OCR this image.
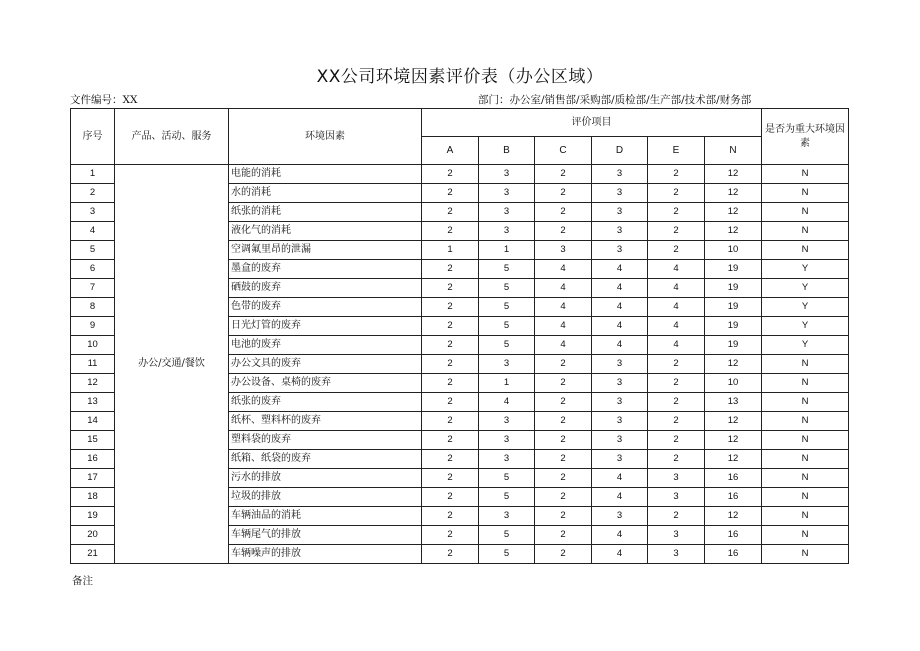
XX公司环境因素评价表（办公区域）
文件编号：XX	部门：办公室/销售部/采购部/质检部/生产部/技术部/财务部
序号	产品、活动、服务	环境因素	评价项目						是否为重大环境因素
			A	B	C	D	E	N	
1	办公/交通/餐饮	电能的消耗	2	3	2	3	2	12	N
2		水的消耗	2	3	2	3	2	12	N
3		纸张的消耗	2	3	2	3	2	12	N
4		液化气的消耗	2	3	2	3	2	12	N
5		空调氟里昂的泄漏	1	1	3	3	2	10	N
6		墨盒的废弃	2	5	4	4	4	19	Y
7		硒鼓的废弃	2	5	4	4	4	19	Y
8		色带的废弃	2	5	4	4	4	19	Y
9		日光灯管的废弃	2	5	4	4	4	19	Y
10		电池的废弃	2	5	4	4	4	19	Y
11		办公文具的废弃	2	3	2	3	2	12	N
12		办公设备、桌椅的废弃	2	1	2	3	2	10	N
13		纸张的废弃	2	4	2	3	2	13	N
14		纸杯、塑料杯的废弃	2	3	2	3	2	12	N
15		塑料袋的废弃	2	3	2	3	2	12	N
16		纸箱、纸袋的废弃	2	3	2	3	2	12	N
17		污水的排放	2	5	2	4	3	16	N
18		垃圾的排放	2	5	2	4	3	16	N
19		车辆油品的消耗	2	3	2	3	2	12	N
20		车辆尾气的排放	2	5	2	4	3	16	N
21		车辆噪声的排放	2	5	2	4	3	16	N
备注
